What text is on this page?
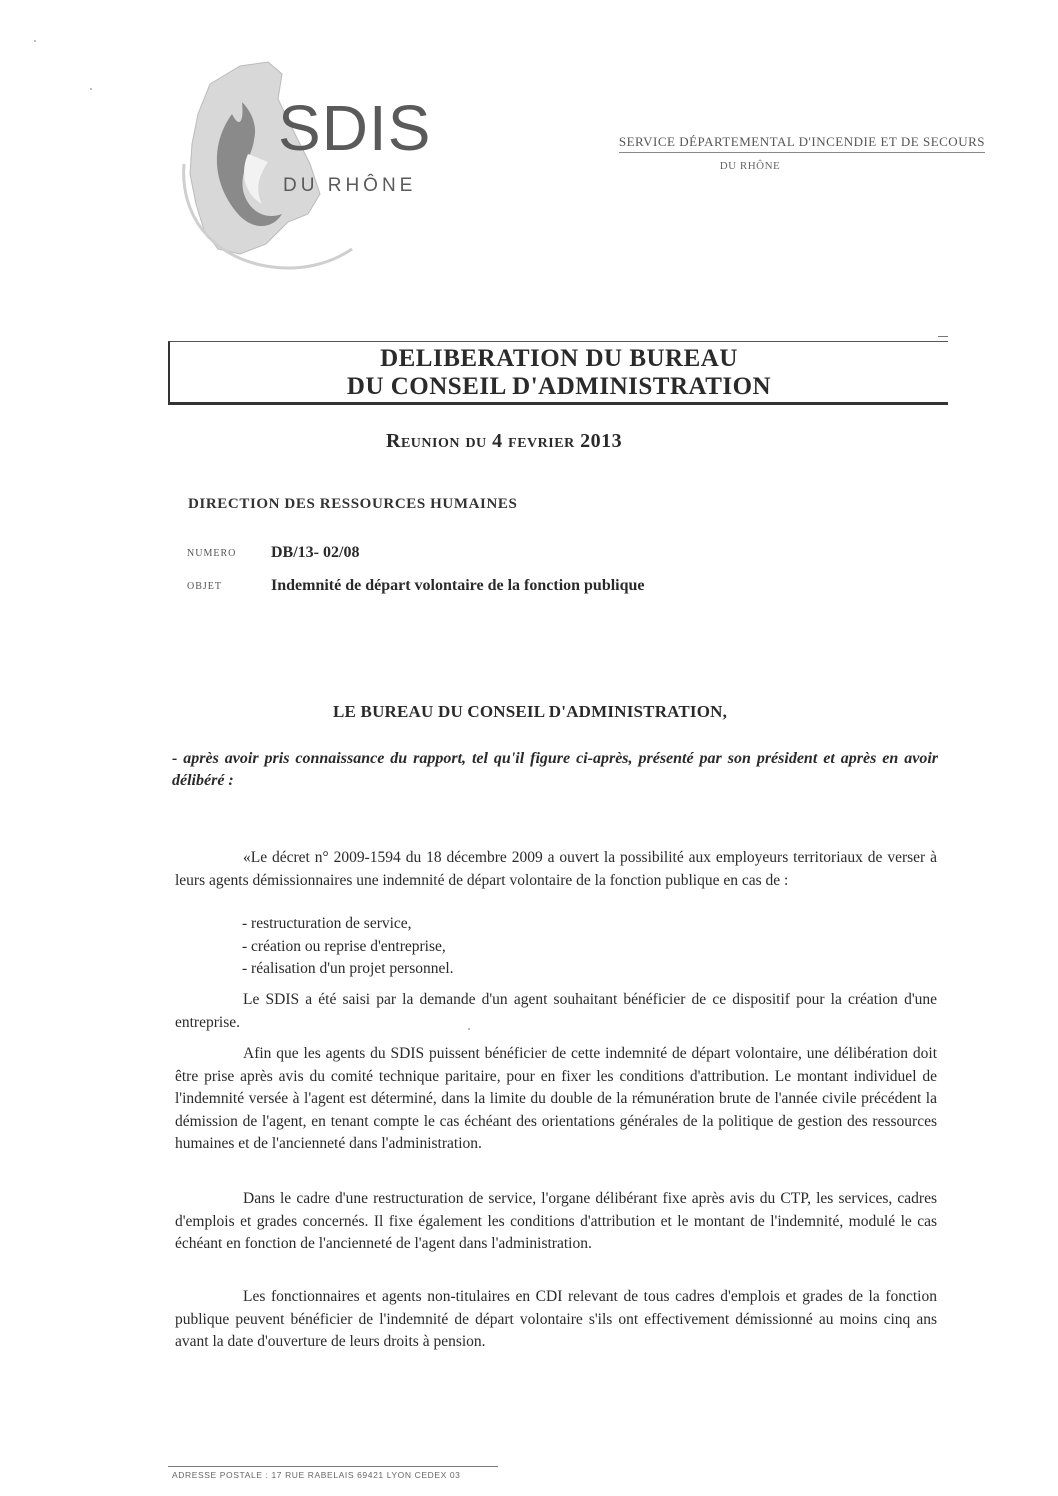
SDIS
DU RHÔNE
SERVICE DÉPARTEMENTAL D'INCENDIE ET DE SECOURS
DU RHÔNE
DELIBERATION DU BUREAU
DU CONSEIL D'ADMINISTRATION
Reunion du 4 fevrier 2013
DIRECTION DES RESSOURCES HUMAINES
NUMERO DB/13- 02/08
OBJET	Indemnité de départ volontaire de la fonction publique
LE BUREAU DU CONSEIL D'ADMINISTRATION,
- après avoir pris connaissance du rapport, tel qu'il figure ci-après, présenté par son président et après en avoir délibéré :
«Le décret n° 2009-1594 du 18 décembre 2009 a ouvert la possibilité aux employeurs territoriaux de verser à leurs agents démissionnaires une indemnité de départ volontaire de la fonction publique en cas de :
- restructuration de service,
- création ou reprise d'entreprise,
- réalisation d'un projet personnel.
Le SDIS a été saisi par la demande d'un agent souhaitant bénéficier de ce dispositif pour la création d'une entreprise.
Afin que les agents du SDIS puissent bénéficier de cette indemnité de départ volontaire, une délibération doit être prise après avis du comité technique paritaire, pour en fixer les conditions d'attribution. Le montant individuel de l'indemnité versée à l'agent est déterminé, dans la limite du double de la rémunération brute de l'année civile précédent la démission de l'agent, en tenant compte le cas échéant des orientations générales de la politique de gestion des ressources humaines et de l'ancienneté dans l'administration.
Dans le cadre d'une restructuration de service, l'organe délibérant fixe après avis du CTP, les services, cadres d'emplois et grades concernés. Il fixe également les conditions d'attribution et le montant de l'indemnité, modulé le cas échéant en fonction de l'ancienneté de l'agent dans l'administration.
Les fonctionnaires et agents non-titulaires en CDI relevant de tous cadres d'emplois et grades de la fonction publique peuvent bénéficier de l'indemnité de départ volontaire s'ils ont effectivement démissionné au moins cinq ans avant la date d'ouverture de leurs droits à pension.
ADRESSE POSTALE : 17 RUE RABELAIS 69421 LYON CEDEX 03
